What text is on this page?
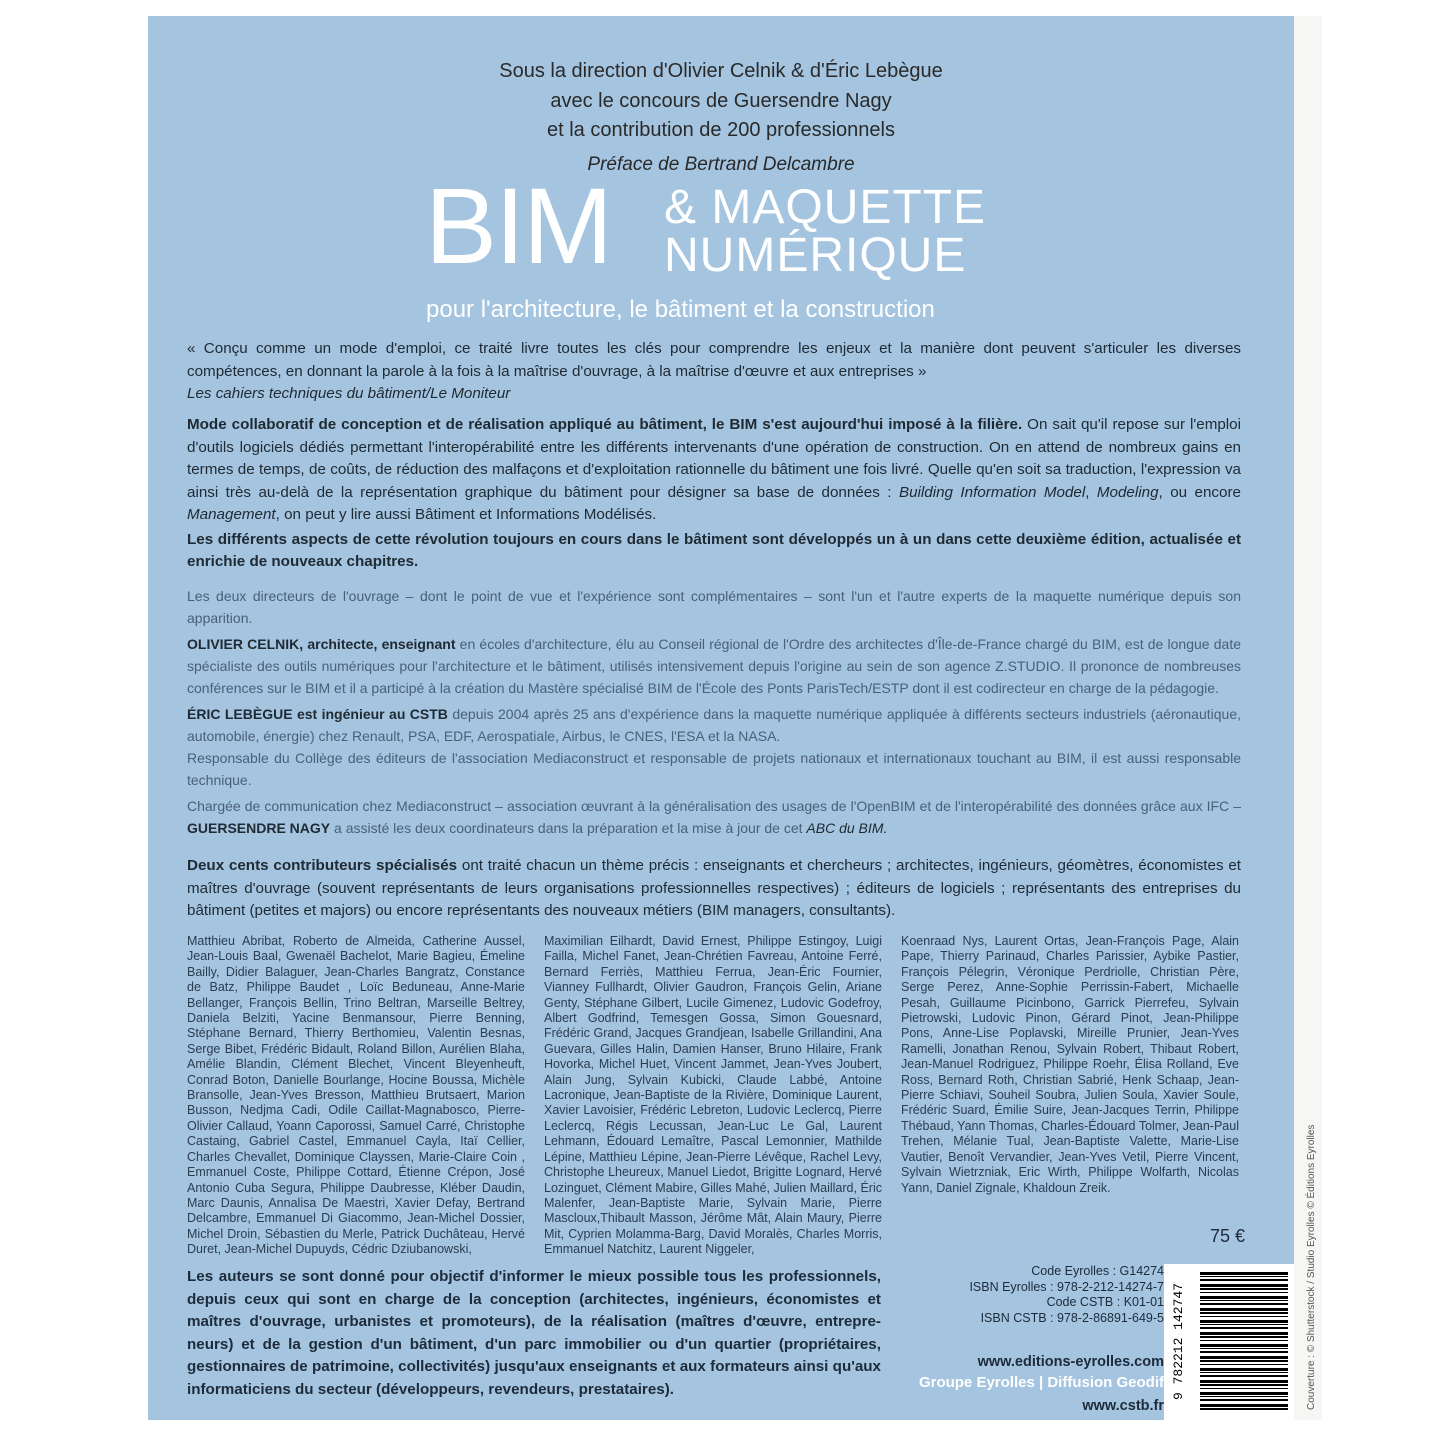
Sous la direction d'Olivier Celnik & d'Éric Lebègue
avec le concours de Guersendre Nagy
et la contribution de 200 professionnels
Préface de Bertrand Delcambre
BIM & MAQUETTE
NUMÉRIQUE
pour l'architecture, le bâtiment et la construction
« Conçu comme un mode d'emploi, ce traité livre toutes les clés pour comprendre les enjeux et la manière dont peuvent s'articuler les diverses compétences, en donnant la parole à la fois à la maîtrise d'ouvrage, à la maîtrise d'œuvre et aux entreprises »
Les cahiers techniques du bâtiment/Le Moniteur
Mode collaboratif de conception et de réalisation appliqué au bâtiment, le BIM s'est aujourd'hui imposé à la filière. On sait qu'il repose sur l'emploi d'outils logiciels dédiés permettant l'interopérabilité entre les différents intervenants d'une opération de construction. On en attend de nombreux gains en termes de temps, de coûts, de réduction des malfaçons et d'exploitation rationnelle du bâtiment une fois livré. Quelle qu'en soit sa traduction, l'expression va ainsi très au-delà de la représentation graphique du bâtiment pour désigner sa base de données : Building Information Model, Modeling, ou encore Management, on peut y lire aussi Bâtiment et Informations Modélisés.
Les différents aspects de cette révolution toujours en cours dans le bâtiment sont développés un à un dans cette deuxième édition, actualisée et enrichie de nouveaux chapitres.
Les deux directeurs de l'ouvrage – dont le point de vue et l'expérience sont complémentaires – sont l'un et l'autre experts de la maquette numérique depuis son apparition.
OLIVIER CELNIK, architecte, enseignant en écoles d'architecture, élu au Conseil régional de l'Ordre des architectes d'Île-de-France chargé du BIM, est de longue date spécialiste des outils numériques pour l'architecture et le bâtiment, utilisés intensivement depuis l'origine au sein de son agence Z.STUDIO. Il prononce de nombreuses conférences sur le BIM et il a participé à la création du Mastère spécialisé BIM de l'École des Ponts ParisTech/ESTP dont il est codirecteur en charge de la pédagogie.
ÉRIC LEBÈGUE est ingénieur au CSTB depuis 2004 après 25 ans d'expérience dans la maquette numérique appliquée à différents secteurs industriels (aéronautique, automobile, énergie) chez Renault, PSA, EDF, Aerospatiale, Airbus, le CNES, l'ESA et la NASA.
Responsable du Collège des éditeurs de l'association Mediaconstruct et responsable de projets nationaux et internationaux touchant au BIM, il est aussi responsable technique.
Chargée de communication chez Mediaconstruct – association œuvrant à la généralisation des usages de l'OpenBIM et de l'interopérabilité des données grâce aux IFC – GUERSENDRE NAGY a assisté les deux coordinateurs dans la préparation et la mise à jour de cet ABC du BIM.
Deux cents contributeurs spécialisés ont traité chacun un thème précis : enseignants et chercheurs ; architectes, ingénieurs, géomètres, économistes et maîtres d'ouvrage (souvent représentants de leurs organisations professionnelles respectives) ; éditeurs de logiciels ; représentants des entreprises du bâtiment (petites et majors) ou encore représentants des nouveaux métiers (BIM managers, consultants).
Matthieu Abribat, Roberto de Almeida, Catherine Aussel, Jean-Louis Baal, Gwenaël Bachelot, Marie Bagieu, Émeline Bailly, Didier Balaguer, Jean-Charles Bangratz, Constance de Batz, Philippe Baudet , Loïc Beduneau, Anne-Marie Bellanger, François Bellin, Trino Beltran, Marseille Beltrey, Daniela Belziti, Yacine Benmansour, Pierre Benning, Stéphane Bernard, Thierry Berthomieu, Valentin Besnas, Serge Bibet, Frédéric Bidault, Roland Billon, Aurélien Blaha, Amélie Blandin, Clément Blechet, Vincent Bleyenheuft, Conrad Boton, Danielle Bourlange, Hocine Boussa, Michèle Bransolle, Jean-Yves Bresson, Matthieu Brutsaert, Marion Busson, Nedjma Cadi, Odile Caillat-Magnabosco, Pierre-Olivier Callaud, Yoann Caporossi, Samuel Carré, Christophe Castaing, Gabriel Castel, Emmanuel Cayla, Itaï Cellier, Charles Chevallet, Dominique Clayssen, Marie-Claire Coin , Emmanuel Coste, Philippe Cottard, Étienne Crépon, José Antonio Cuba Segura, Philippe Daubresse, Kléber Daudin, Marc Daunis, Annalisa De Maestri, Xavier Defay, Bertrand Delcambre, Emmanuel Di Giacommo, Jean-Michel Dossier, Michel Droin, Sébastien du Merle, Patrick Duchâteau, Hervé Duret, Jean-Michel Dupuyds, Cédric Dziubanowski,
Maximilian Eilhardt, David Ernest, Philippe Estingoy, Luigi Failla, Michel Fanet, Jean-Chrétien Favreau, Antoine Ferré, Bernard Ferriès, Matthieu Ferrua, Jean-Éric Fournier, Vianney Fullhardt, Olivier Gaudron, François Gelin, Ariane Genty, Stéphane Gilbert, Lucile Gimenez, Ludovic Godefroy, Albert Godfrind, Temesgen Gossa, Simon Gouesnard, Frédéric Grand, Jacques Grandjean, Isabelle Grillandini, Ana Guevara, Gilles Halin, Damien Hanser, Bruno Hilaire, Frank Hovorka, Michel Huet, Vincent Jammet, Jean-Yves Joubert, Alain Jung, Sylvain Kubicki, Claude Labbé, Antoine Lacronique, Jean-Baptiste de la Rivière, Dominique Laurent, Xavier Lavoisier, Frédéric Lebreton, Ludovic Leclercq, Pierre Leclercq, Régis Lecussan, Jean-Luc Le Gal, Laurent Lehmann, Édouard Lemaître, Pascal Lemonnier, Mathilde Lépine, Matthieu Lépine, Jean-Pierre Lévêque, Rachel Levy, Christophe Lheureux, Manuel Liedot, Brigitte Lognard, Hervé Lozinguet, Clément Mabire, Gilles Mahé, Julien Maillard, Éric Malenfer, Jean-Baptiste Marie, Sylvain Marie, Pierre Mascloux,Thibault Masson, Jérôme Mât, Alain Maury, Pierre Mit, Cyprien Molamma-Barg, David Moralès, Charles Morris, Emmanuel Natchitz, Laurent Niggeler,
Koenraad Nys, Laurent Ortas, Jean-François Page, Alain Pape, Thierry Parinaud, Charles Parissier, Aybike Pastier, François Pélegrin, Véronique Perdriolle, Christian Père, Serge Perez, Anne-Sophie Perrissin-Fabert, Michaelle Pesah, Guillaume Picinbono, Garrick Pierrefeu, Sylvain Pietrowski, Ludovic Pinon, Gérard Pinot, Jean-Philippe Pons, Anne-Lise Poplavski, Mireille Prunier, Jean-Yves Ramelli, Jonathan Renou, Sylvain Robert, Thibaut Robert, Jean-Manuel Rodriguez, Philippe Roehr, Élisa Rolland, Eve Ross, Bernard Roth, Christian Sabrié, Henk Schaap, Jean-Pierre Schiavi, Souheil Soubra, Julien Soula, Xavier Soule, Frédéric Suard, Émilie Suire, Jean-Jacques Terrin, Philippe Thébaud, Yann Thomas, Charles-Édouard Tolmer, Jean-Paul Trehen, Mélanie Tual, Jean-Baptiste Valette, Marie-Lise Vautier, Benoît Vervandier, Jean-Yves Vetil, Pierre Vincent, Sylvain Wietrzniak, Eric Wirth, Philippe Wolfarth, Nicolas Yann, Daniel Zignale, Khaldoun Zreik.
75 €
Les auteurs se sont donné pour objectif d'informer le mieux possible tous les professionnels, depuis ceux qui sont en charge de la conception (architectes, ingénieurs, économistes et maîtres d'ouvrage, urbanistes et promoteurs), de la réalisation (maîtres d'œuvre, entrepre-neurs) et de la gestion d'un bâtiment, d'un parc immobilier ou d'un quartier (propriétaires, gestionnaires de patrimoine, collectivités) jusqu'aux enseignants et aux formateurs ainsi qu'aux informaticiens du secteur (développeurs, revendeurs, prestataires).
Code Eyrolles : G14274
ISBN Eyrolles : 978-2-212-14274-7
Code CSTB : K01-01
ISBN CSTB : 978-2-86891-649-5
www.editions-eyrolles.com
Groupe Eyrolles | Diffusion Geodif
www.cstb.fr
9 782212 142747	Couverture : © Shutterstock / Studio Eyrolles © Éditions Eyrolles
